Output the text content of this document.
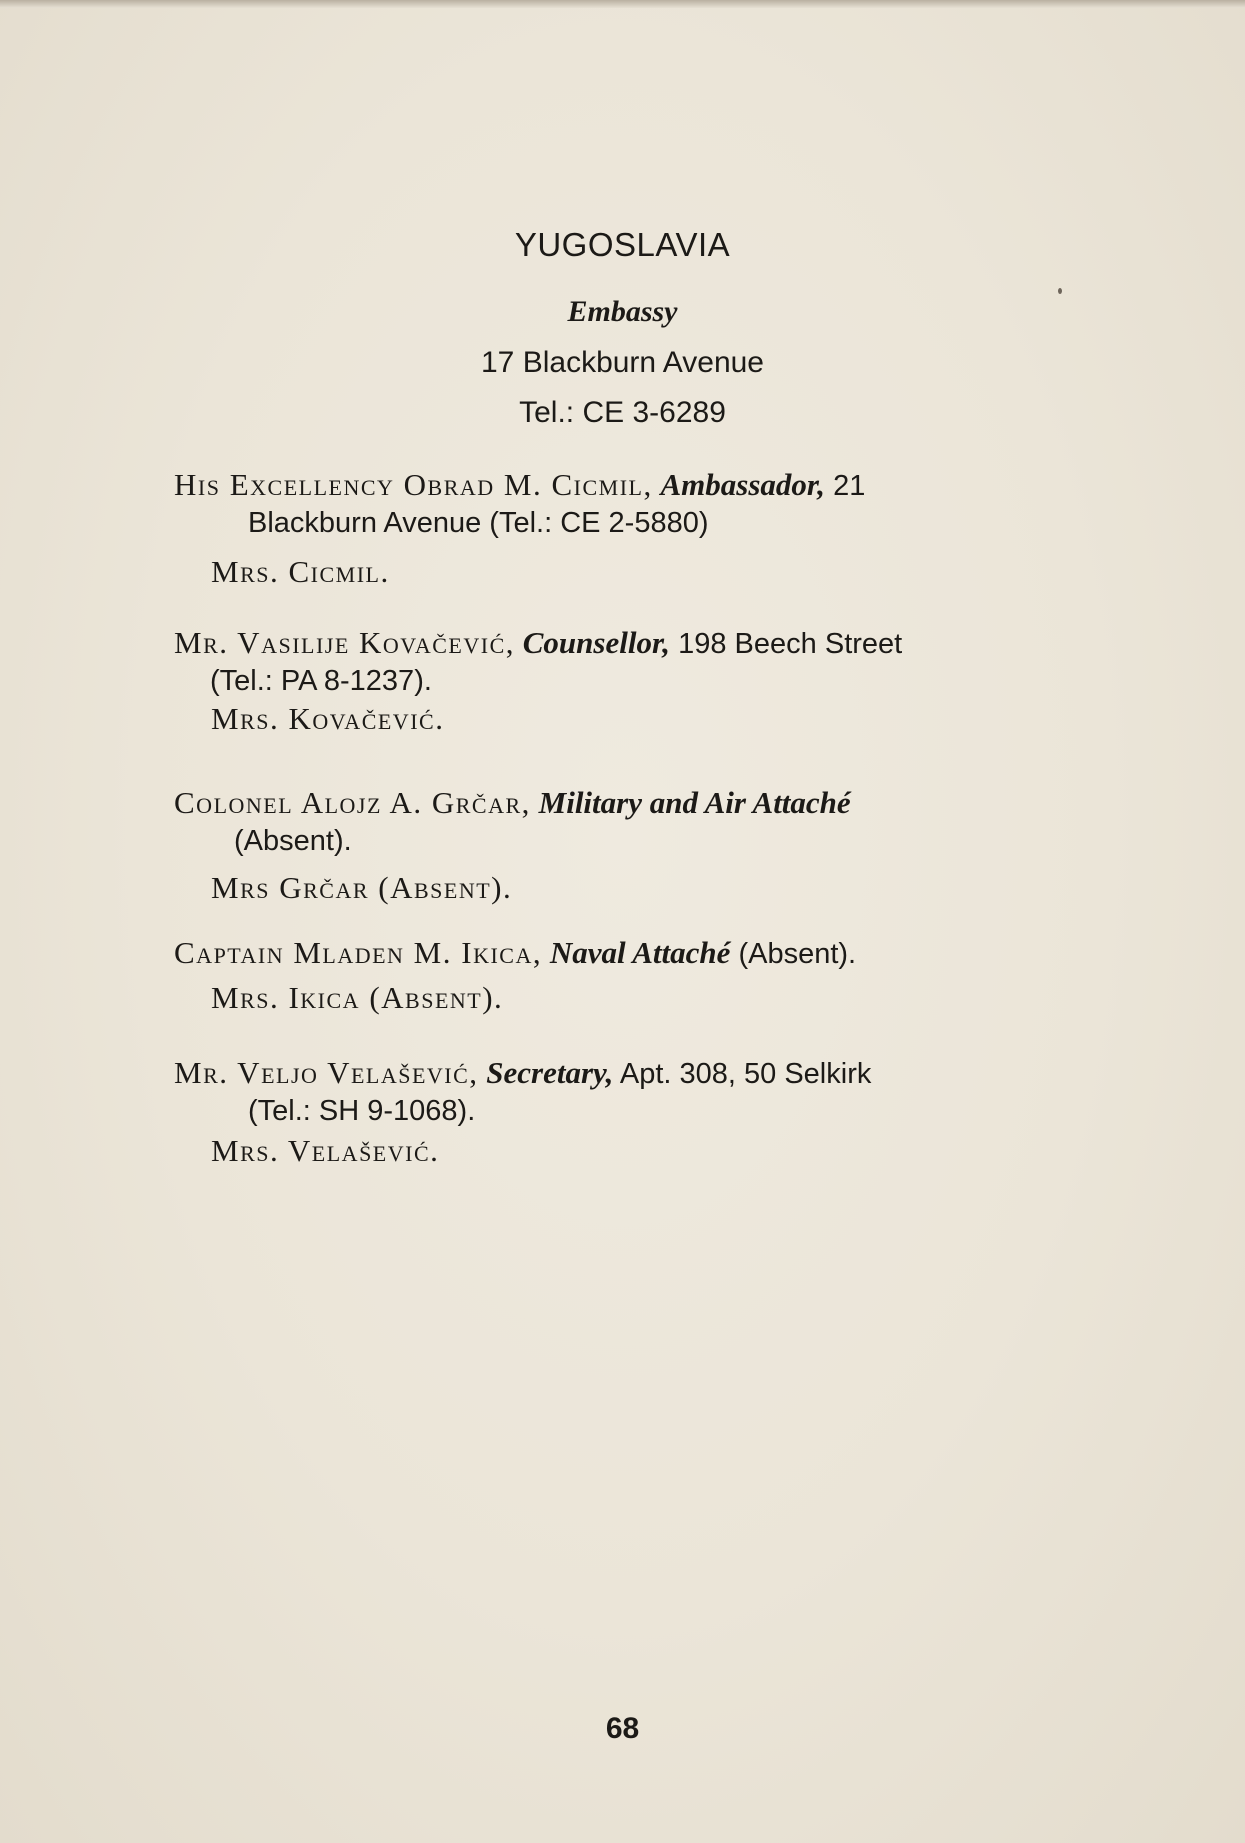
YUGOSLAVIA
Embassy
17 Blackburn Avenue
Tel.: CE 3-6289
His Excellency Obrad M. Cicmil, Ambassador, 21
Blackburn Avenue (Tel.: CE 2-5880)
Mrs. Cicmil.
Mr. Vasilije Kovačević, Counsellor, 198 Beech Street
(Tel.: PA 8-1237).
Mrs. Kovačević.
Colonel Alojz A. Grčar, Military and Air Attaché
(Absent).
Mrs Grčar (Absent).
Captain Mladen M. Ikica, Naval Attaché (Absent).
Mrs. Ikica (Absent).
Mr. Veljo Velašević, Secretary, Apt. 308, 50 Selkirk
(Tel.: SH 9-1068).
Mrs. Velašević.
68
